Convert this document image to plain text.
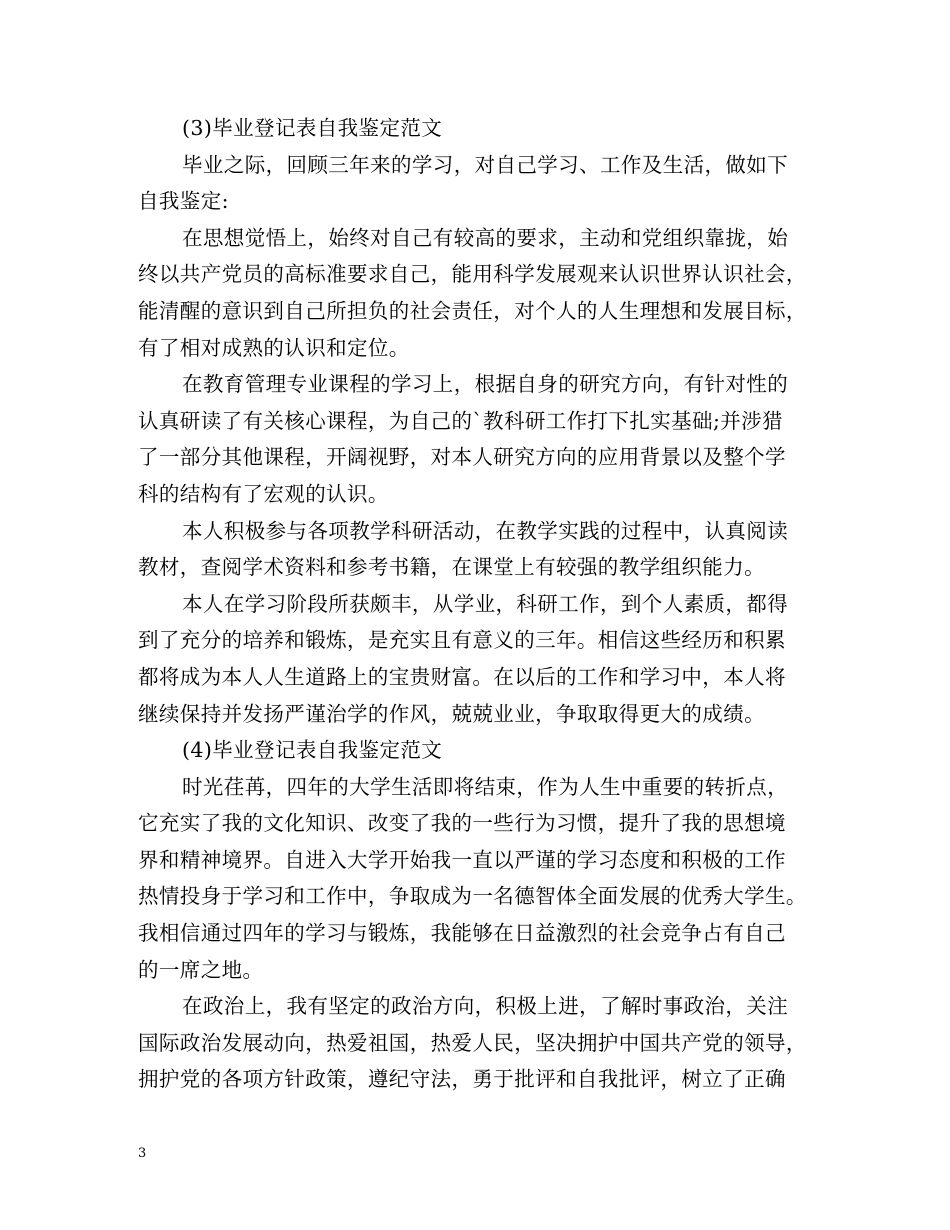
(3)毕业登记表自我鉴定范文
毕业之际，回顾三年来的学习，对自己学习、工作及生活，做如下
自我鉴定:
在思想觉悟上，始终对自己有较高的要求，主动和党组织靠拢，始
终以共产党员的高标准要求自己，能用科学发展观来认识世界认识社会，
能清醒的意识到自己所担负的社会责任，对个人的人生理想和发展目标，
有了相对成熟的认识和定位。
在教育管理专业课程的学习上，根据自身的研究方向，有针对性的
认真研读了有关核心课程，为自己的`教科研工作打下扎实基础;并涉猎
了一部分其他课程，开阔视野，对本人研究方向的应用背景以及整个学
科的结构有了宏观的认识。
本人积极参与各项教学科研活动，在教学实践的过程中，认真阅读
教材，查阅学术资料和参考书籍，在课堂上有较强的教学组织能力。
本人在学习阶段所获颇丰，从学业，科研工作，到个人素质，都得
到了充分的培养和锻炼，是充实且有意义的三年。相信这些经历和积累
都将成为本人人生道路上的宝贵财富。在以后的工作和学习中，本人将
继续保持并发扬严谨治学的作风，兢兢业业，争取取得更大的成绩。
(4)毕业登记表自我鉴定范文
时光荏苒，四年的大学生活即将结束，作为人生中重要的转折点，
它充实了我的文化知识、改变了我的一些行为习惯，提升了我的思想境
界和精神境界。自进入大学开始我一直以严谨的学习态度和积极的工作
热情投身于学习和工作中，争取成为一名德智体全面发展的优秀大学生。
我相信通过四年的学习与锻炼，我能够在日益激烈的社会竞争占有自己
的一席之地。
在政治上，我有坚定的政治方向，积极上进，了解时事政治，关注
国际政治发展动向，热爱祖国，热爱人民，坚决拥护中国共产党的领导，
拥护党的各项方针政策，遵纪守法，勇于批评和自我批评，树立了正确
3
